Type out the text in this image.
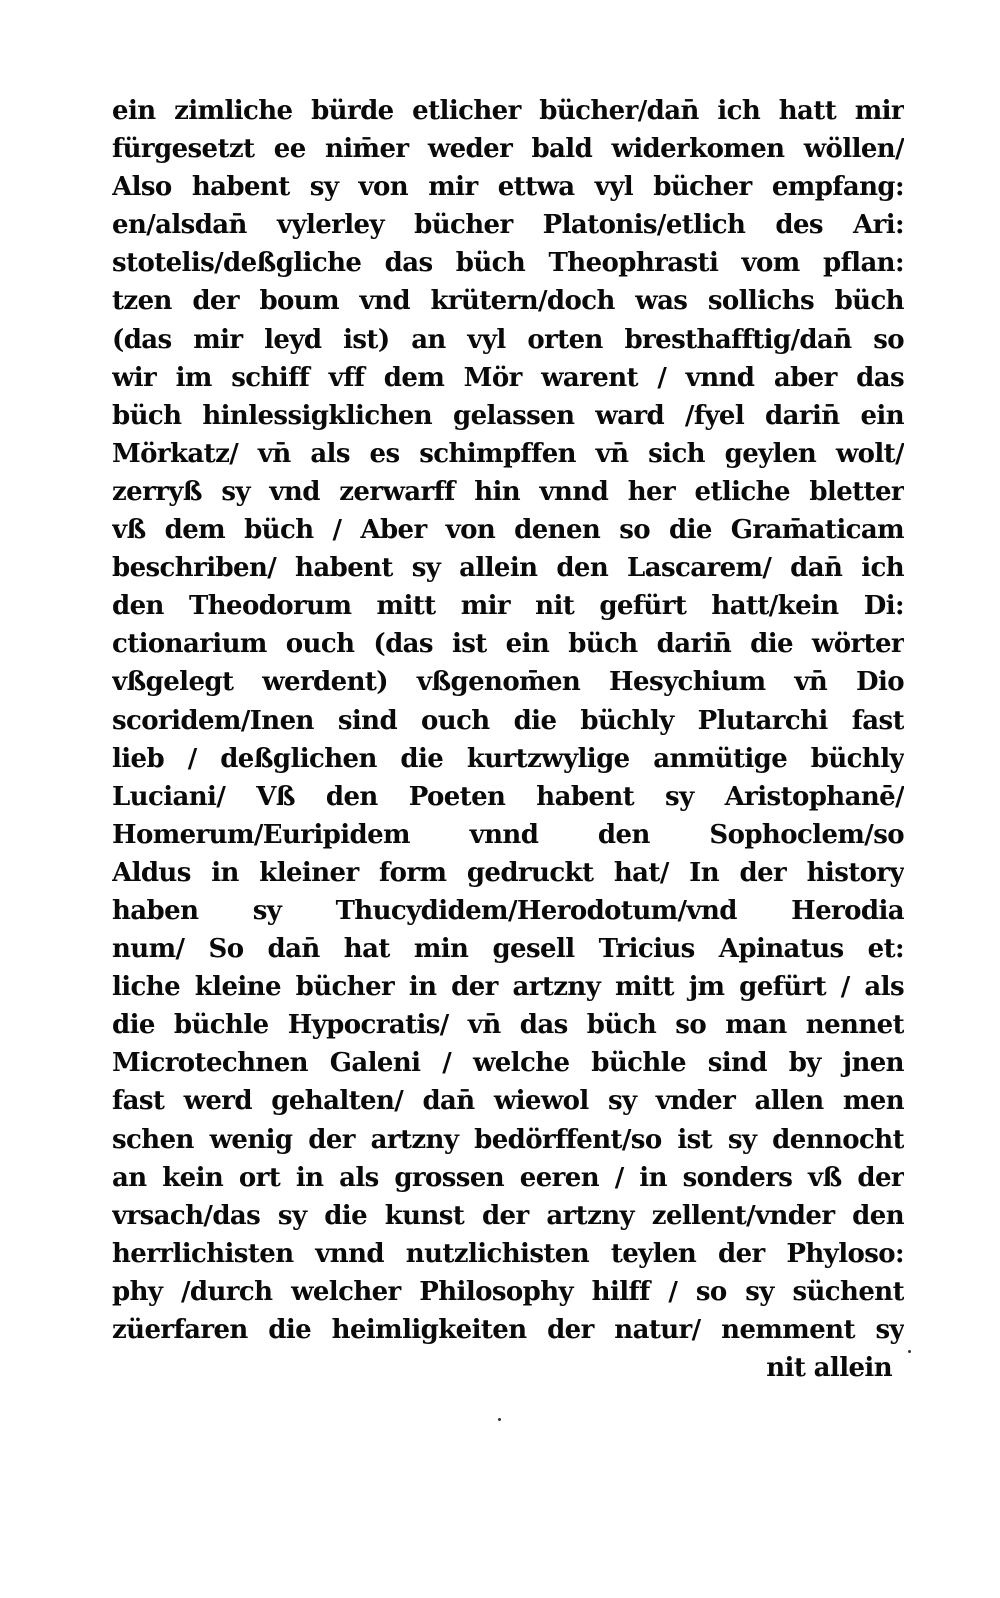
ein zimliche bürde etlicher bücher/dan̄ ich hatt mir
fürgesetzt ee nim̄er weder bald widerkomen wöllen/
Also habent sy von mir ettwa vyl bücher empfang:
en/alsdan̄ vylerley bücher Platonis/etlich des Ari:
stotelis/deßgliche das büch Theophrasti vom pflan:
tzen der boum vnd krütern/doch was sollichs büch
(das mir leyd ist) an vyl orten bresthafftig/dan̄ so
wir im schiff vff dem Mör warent / vnnd aber das
büch hinlessigklichen gelassen ward /fyel darin̄ ein
Mörkatz/ vn̄ als es schimpffen vn̄ sich geylen wolt/
zerryß sy vnd zerwarff hin vnnd her etliche bletter
vß dem büch / Aber von denen so die Gram̄aticam
beschriben/ habent sy allein den Lascarem/ dan̄ ich
den Theodorum mitt mir nit gefürt hatt/kein Di:
ctionarium ouch (das ist ein büch darin̄ die wörter
vßgelegt werdent) vßgenom̄en Hesychium vn̄ Dio
scoridem/Inen sind ouch die büchly Plutarchi fast
lieb / deßglichen die kurtzwylige anmütige büchly
Luciani/ Vß den Poeten habent sy Aristophanē/
Homerum/Euripidem vnnd den Sophoclem/so
Aldus in kleiner form gedruckt hat/ In der history
haben sy Thucydidem/Herodotum/vnd Herodia
num/ So dan̄ hat min gesell Tricius Apinatus et:
liche kleine bücher in der artzny mitt jm gefürt / als
die büchle Hypocratis/ vn̄ das büch so man nennet
Microtechnen Galeni / welche büchle sind by jnen
fast werd gehalten/ dan̄ wiewol sy vnder allen men
schen wenig der artzny bedörffent/so ist sy dennocht
an kein ort in als grossen eeren / in sonders vß der
vrsach/das sy die kunst der artzny zellent/vnder den
herrlichisten vnnd nutzlichisten teylen der Phyloso:
phy /durch welcher Philosophy hilff / so sy süchent
züerfaren die heimligkeiten der natur/ nemment sy
nit allein
